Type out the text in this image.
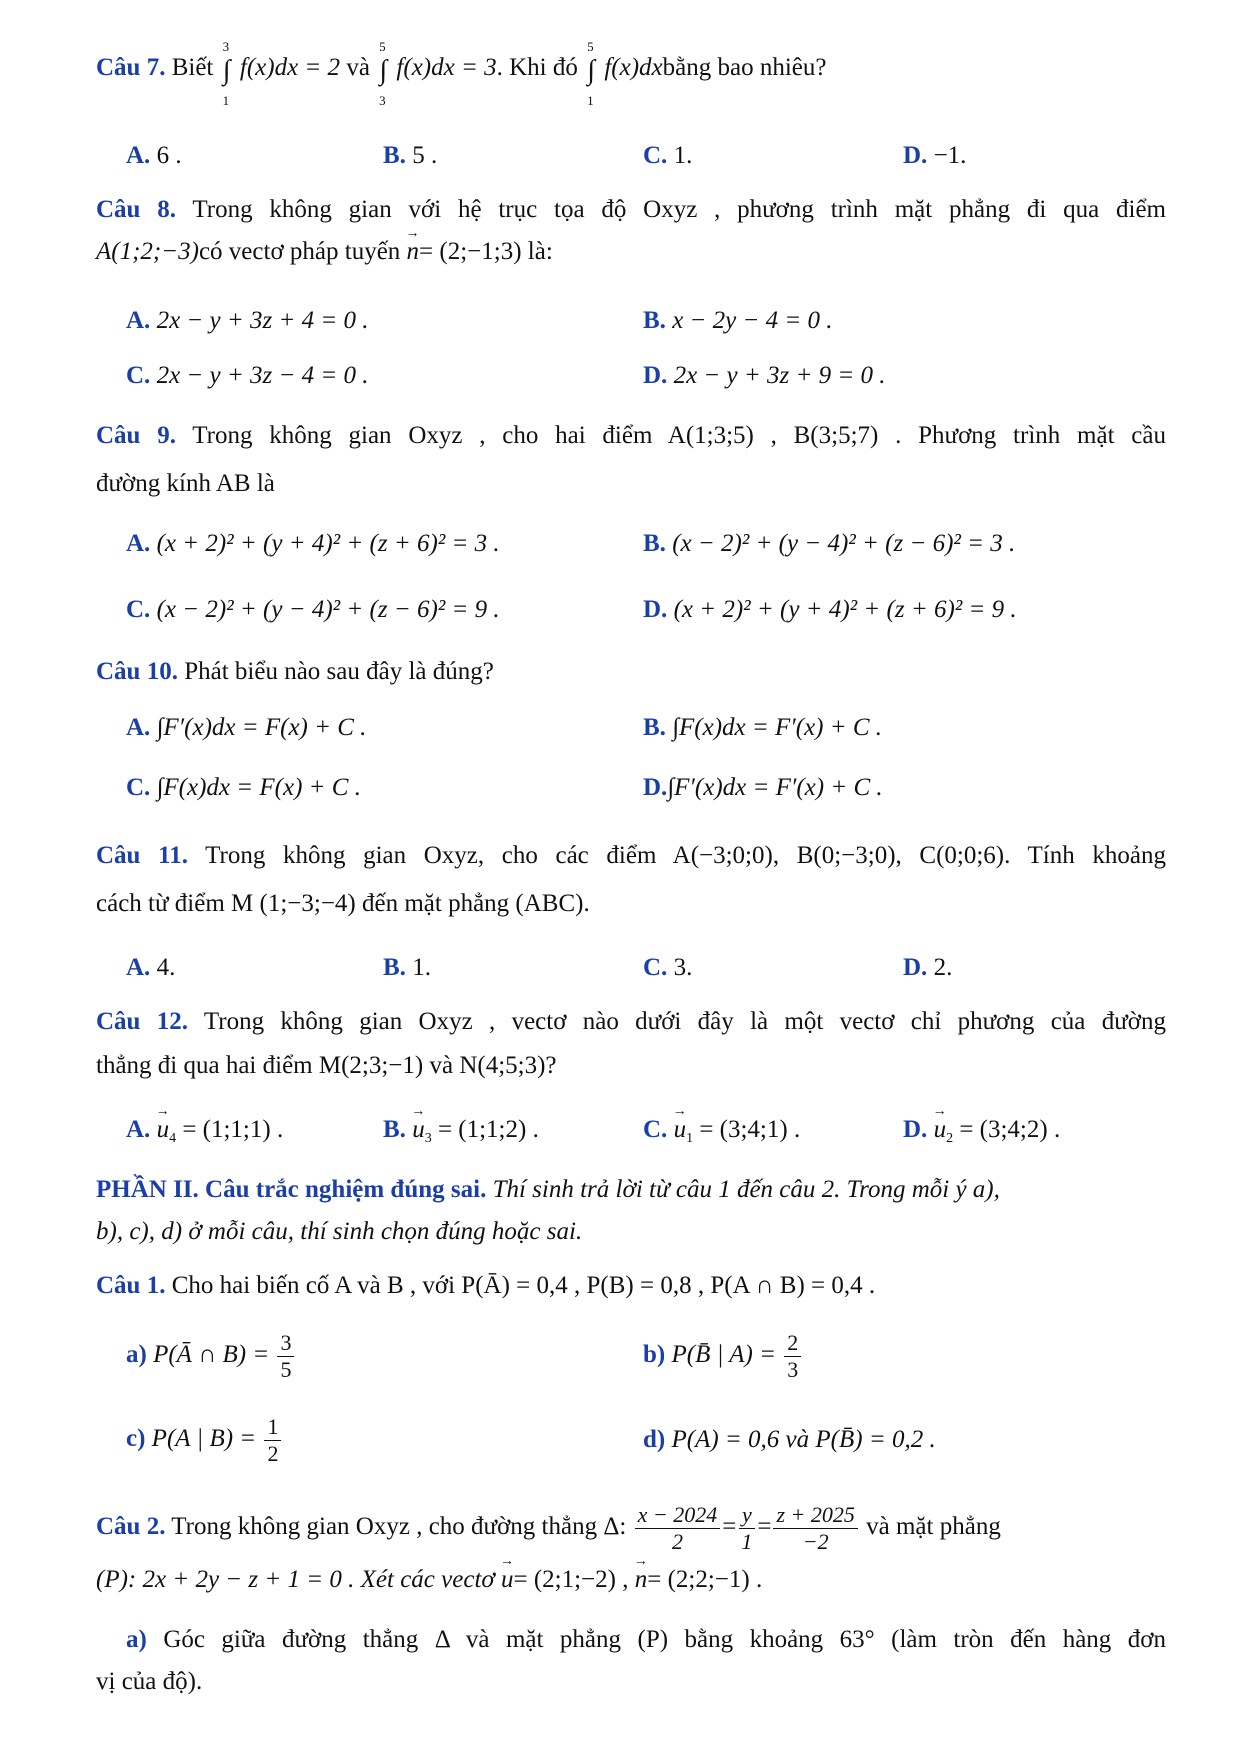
Câu 7. Biết ∫
3
1
f(x)dx = 2 và ∫
5
3
f(x)dx = 3. Khi đó ∫
5
1
f(x)dxbằng bao nhiêu?
A. 6 .	B. 5 .	C. 1.	D. −1.
Câu 8. Trong không gian với hệ trục tọa độ Oxyz , phương trình mặt phẳng đi qua điểm
A(1;2;−3)có vectơ pháp tuyến → n= (2;−1;3) là:
A. 2x − y + 3z + 4 = 0 .	B. x − 2y − 4 = 0 .
C. 2x − y + 3z − 4 = 0 .	D. 2x − y + 3z + 9 = 0 .
Câu 9. Trong không gian Oxyz , cho hai điểm A(1;3;5) , B(3;5;7) . Phương trình mặt cầu
đường kính AB là
A. (x + 2)² + (y + 4)² + (z + 6)² = 3 .	B. (x − 2)² + (y − 4)² + (z − 6)² = 3 .
C. (x − 2)² + (y − 4)² + (z − 6)² = 9 .	D. (x + 2)² + (y + 4)² + (z + 6)² = 9 .
Câu 10. Phát biểu nào sau đây là đúng?
A. ∫F′(x)dx = F(x) + C .	B. ∫F(x)dx = F′(x) + C .
C. ∫F(x)dx = F(x) + C .	D.∫F′(x)dx = F′(x) + C .
Câu 11. Trong không gian Oxyz, cho các điểm A(−3;0;0), B(0;−3;0), C(0;0;6). Tính khoảng
cách từ điểm M (1;−3;−4) đến mặt phẳng (ABC).
A. 4.	B. 1.	C. 3.	D. 2.
Câu 12. Trong không gian Oxyz , vectơ nào dưới đây là một vectơ chỉ phương của đường
thẳng đi qua hai điểm M(2;3;−1) và N(4;5;3)?
A. → $u_4$ = (1;1;1) .	B. → $u_3$ = (1;1;2) .	C. → $u_1$ = (3;4;1) .	D. → $u_2$ = (3;4;2) .
PHẦN II. Câu trắc nghiệm đúng sai. Thí sinh trả lời từ câu 1 đến câu 2. Trong mỗi ý a),
b), c), d) ở mỗi câu, thí sinh chọn đúng hoặc sai.
Câu 1. Cho hai biến cố A và B , với P(Ā) = 0,4 , P(B) = 0,8 , P(A ∩ B) = 0,4 .
a) P(Ā ∩ $B) = \frac{3}{5}$	b) P(B̄ | $A) = \frac{2}{3}$
c) P(A | $B) = \frac{1}{2}$	d) P(A) = 0,6 và P(B̄) = 0,2 .
Câu 2. Trong không gian Oxyz , cho đường thẳng Δ: $\frac{x - 2024}{2} = \frac{y}{1} = \frac{z + 2025}{-2}$ và mặt phẳng
(P): 2x + 2y − z + 1 = 0 . Xét các vectơ → u= (2;1;−2) , → n= (2;2;−1) .
a) Góc giữa đường thẳng Δ và mặt phẳng (P) bằng khoảng 63° (làm tròn đến hàng đơn
vị của độ).
